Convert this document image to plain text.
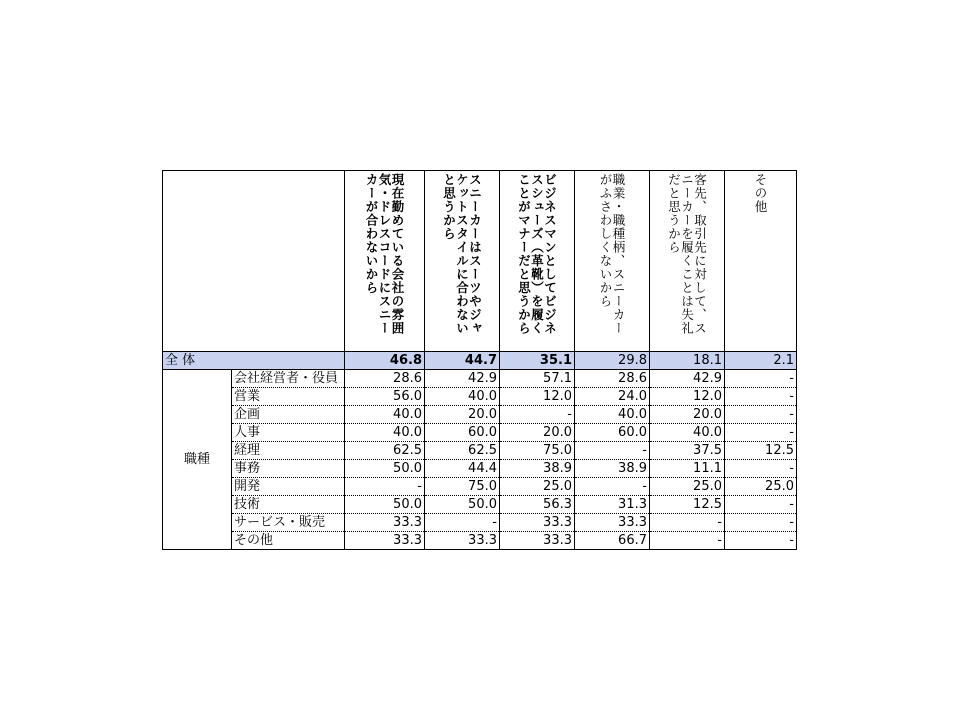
		現在勤めている会社の雰囲気・ドレスコードにスニーカーが合わないから	スニーカーはスーツやジャケットスタイルに合わないと思うから	ビジネスマンとしてビジネスシューズ（革靴）を履くことがマナーだと思うから	職業・職種柄、スニーカーがふさわしくないから	客先、取引先に対して、スニーカーを履くことは失礼だと思うから	その他

全 体		46.8	44.7	35.1	29.8	18.1	2.1
職種	会社経営者・役員	28.6	42.9	57.1	28.6	42.9	-
	営業	56.0	40.0	12.0	24.0	12.0	-
	企画	40.0	20.0	-	40.0	20.0	-
	人事	40.0	60.0	20.0	60.0	40.0	-
	経理	62.5	62.5	75.0	-	37.5	12.5
	事務	50.0	44.4	38.9	38.9	11.1	-
	開発	-	75.0	25.0	-	25.0	25.0
	技術	50.0	50.0	56.3	31.3	12.5	-
	サービス・販売	33.3	-	33.3	33.3	-	-
	その他	33.3	33.3	33.3	66.7	-	-
